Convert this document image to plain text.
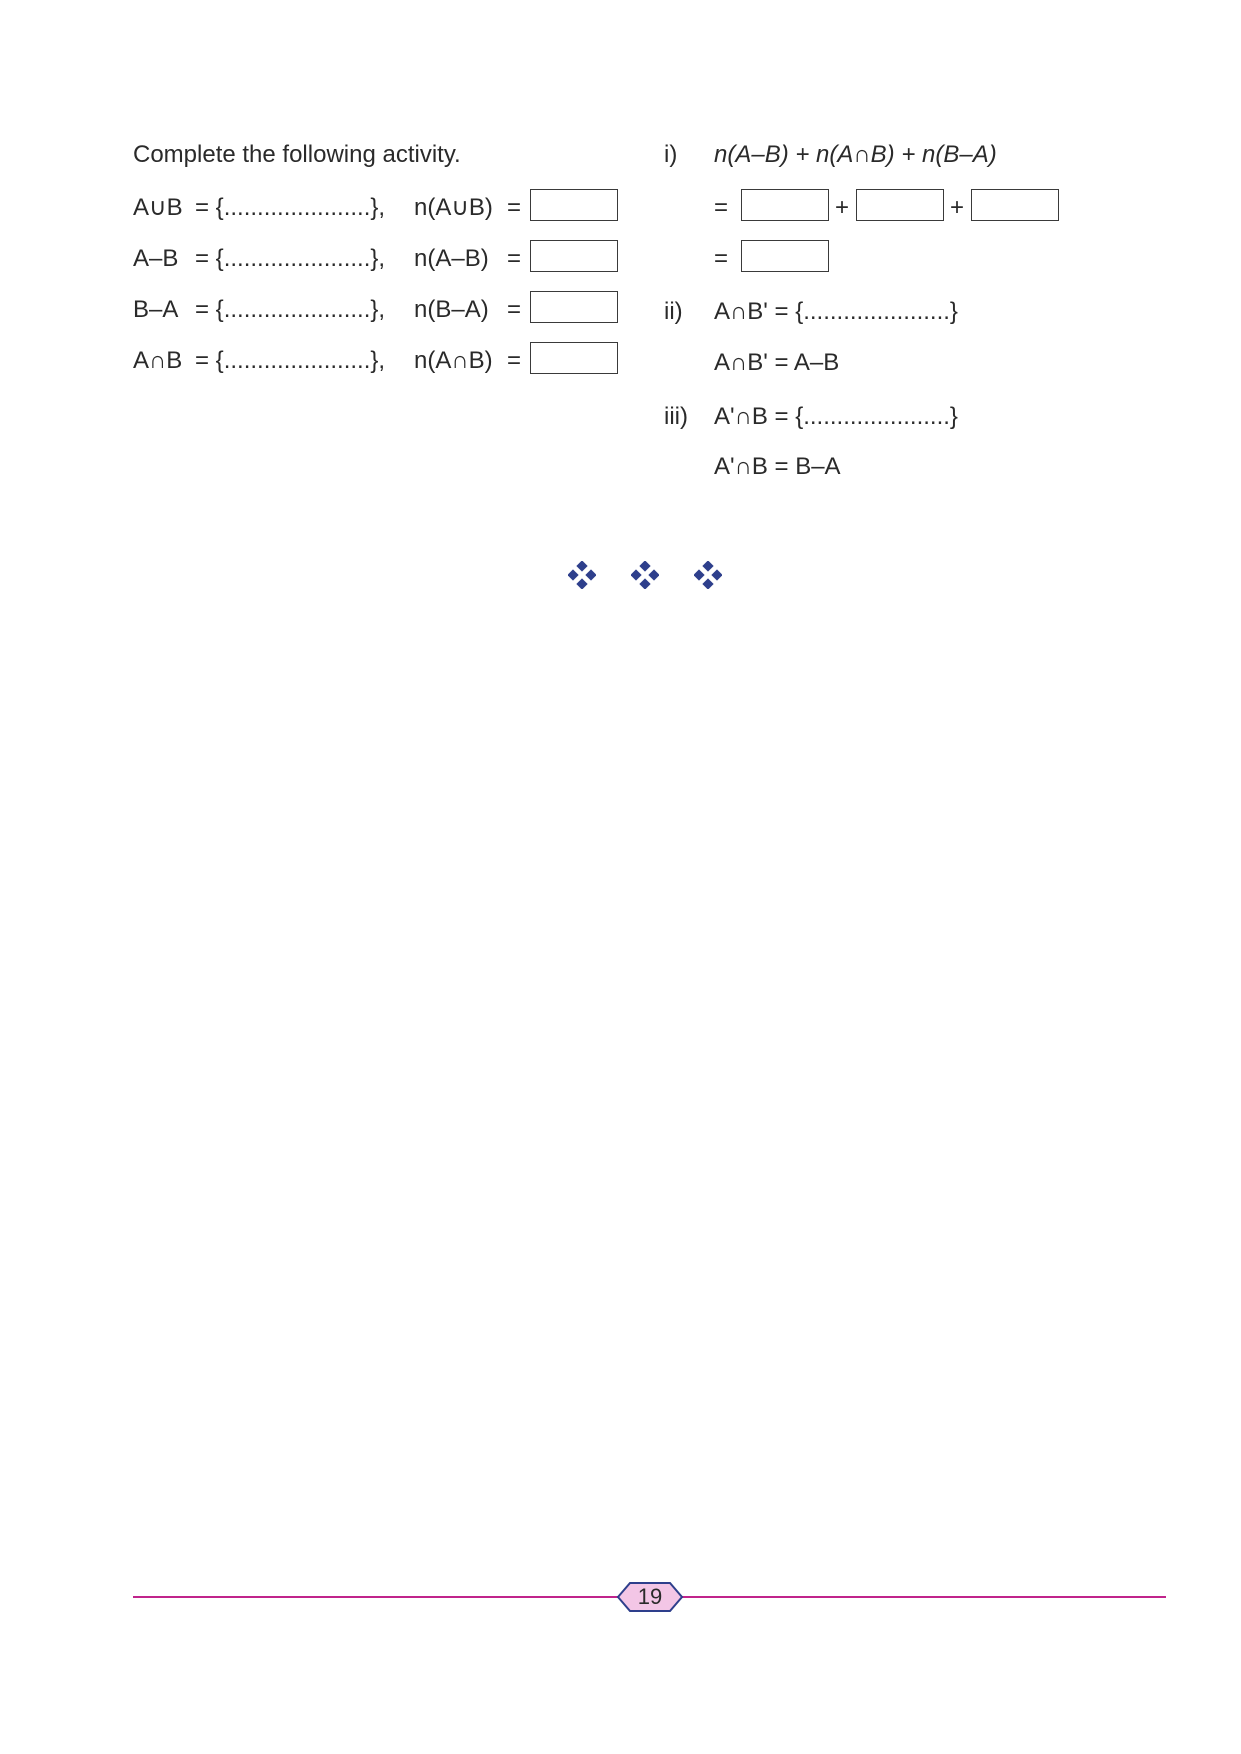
Complete the following activity.
A∪B = {......................}, n(A∪B) =
A–B = {......................}, n(A–B) =
B–A = {......................}, n(B–A) =
A∩B = {......................}, n(A∩B) =
i) n(A–B) + n(A∩B) + n(B–A)
=	+	+
=
ii) A∩B' = {......................}
A∩B' = A–B
iii) A'∩B = {......................}
A'∩B = B–A
19
